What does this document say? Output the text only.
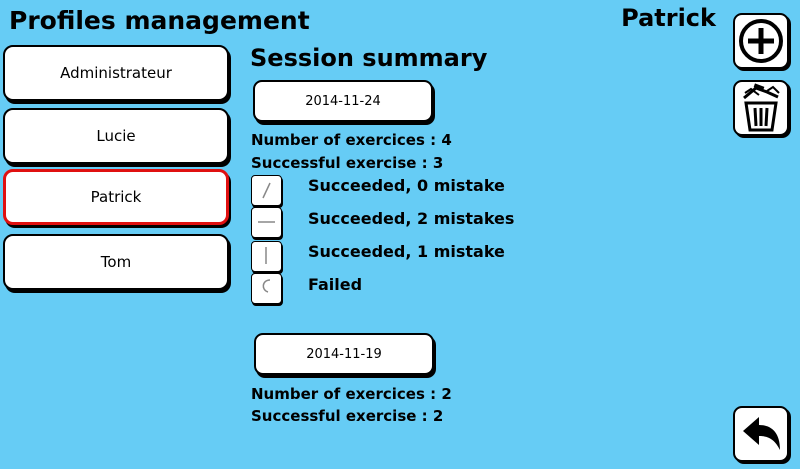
Profiles management	Patrick
Administrateur
Lucie
Patrick
Tom
Session summary
2014-11-24
Number of exercices : 4
Successful exercise : 3
Succeeded, 0 mistake
Succeeded, 2 mistakes
Succeeded, 1 mistake
Failed
2014-11-19
Number of exercices : 2
Successful exercise : 2
